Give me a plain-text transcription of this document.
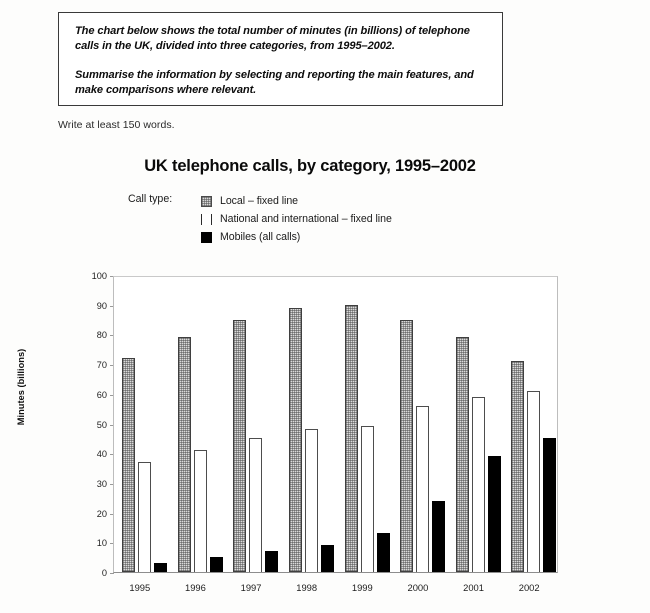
The chart below shows the total number of minutes (in billions) of telephone calls in the UK, divided into three categories, from 1995–2002.

Summarise the information by selecting and reporting the main features, and make comparisons where relevant.

Write at least 150 words.
UK telephone calls, by category, 1995–2002
Call type:	Local – fixed line
National and international – fixed line
Mobiles (all calls)
Minutes (billions)
0
10
20
30
40
50
60
70
80
90
100
1995	1996	1997	1998	1999	2000	2001	2002
